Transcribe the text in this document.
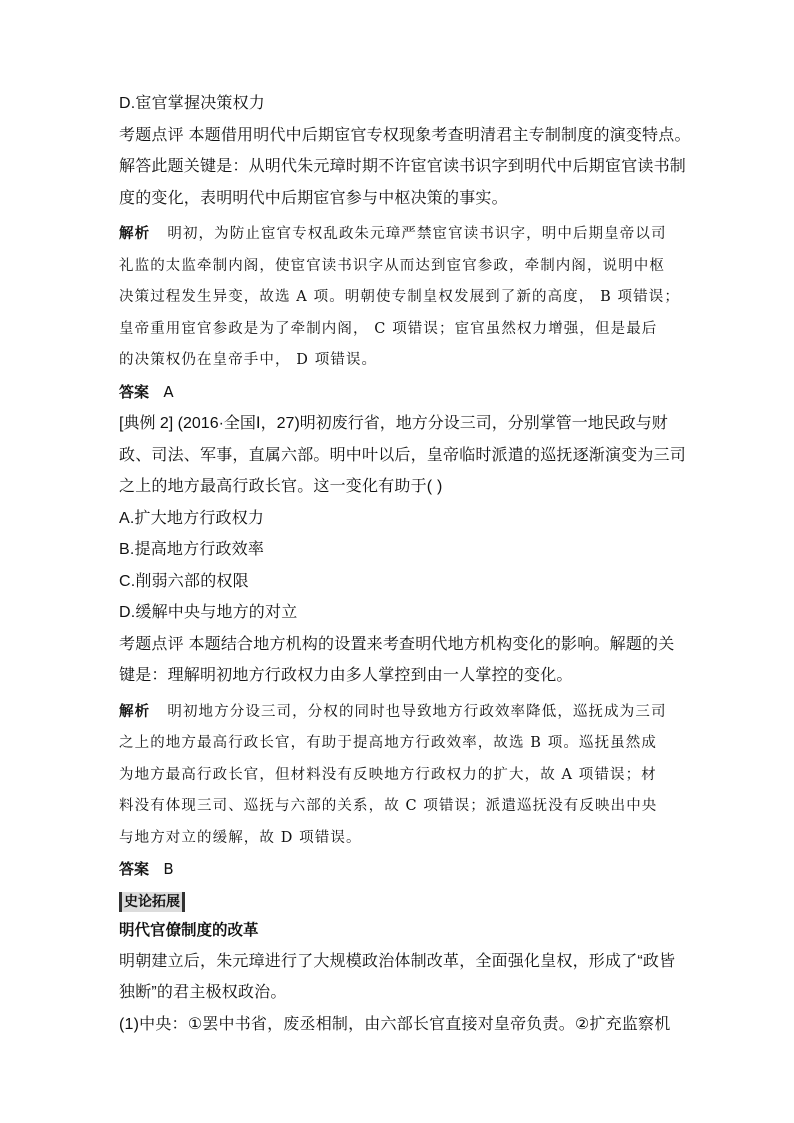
D.宦官掌握决策权力
考题点评 本题借用明代中后期宦官专权现象考查明清君主专制制度的演变特点。
解答此题关键是：从明代朱元璋时期不许宦官读书识字到明代中后期宦官读书制
度的变化，表明明代中后期宦官参与中枢决策的事实。
解析 明初，为防止宦官专权乱政朱元璋严禁宦官读书识字，明中后期皇帝以司
礼监的太监牵制内阁，使宦官读书识字从而达到宦官参政，牵制内阁，说明中枢
决策过程发生异变，故选 A 项。明朝使专制皇权发展到了新的高度， B 项错误；
皇帝重用宦官参政是为了牵制内阁， C 项错误；宦官虽然权力增强，但是最后
的决策权仍在皇帝手中， D 项错误。
答案 A
[典例 2] (2016·全国Ⅰ，27)明初废行省，地方分设三司，分别掌管一地民政与财
政、司法、军事，直属六部。明中叶以后，皇帝临时派遣的巡抚逐渐演变为三司
之上的地方最高行政长官。这一变化有助于( )
A.扩大地方行政权力
B.提高地方行政效率
C.削弱六部的权限
D.缓解中央与地方的对立
考题点评 本题结合地方机构的设置来考查明代地方机构变化的影响。解题的关
键是：理解明初地方行政权力由多人掌控到由一人掌控的变化。
解析 明初地方分设三司，分权的同时也导致地方行政效率降低，巡抚成为三司
之上的地方最高行政长官，有助于提高地方行政效率，故选 B 项。巡抚虽然成
为地方最高行政长官，但材料没有反映地方行政权力的扩大，故 A 项错误；材
料没有体现三司、巡抚与六部的关系，故 C 项错误；派遣巡抚没有反映出中央
与地方对立的缓解，故 D 项错误。
答案 B
史论拓展
明代官僚制度的改革
明朝建立后，朱元璋进行了大规模政治体制改革，全面强化皇权，形成了“政皆
独断”的君主极权政治。
(1)中央：①罢中书省，废丞相制，由六部长官直接对皇帝负责。②扩充监察机
